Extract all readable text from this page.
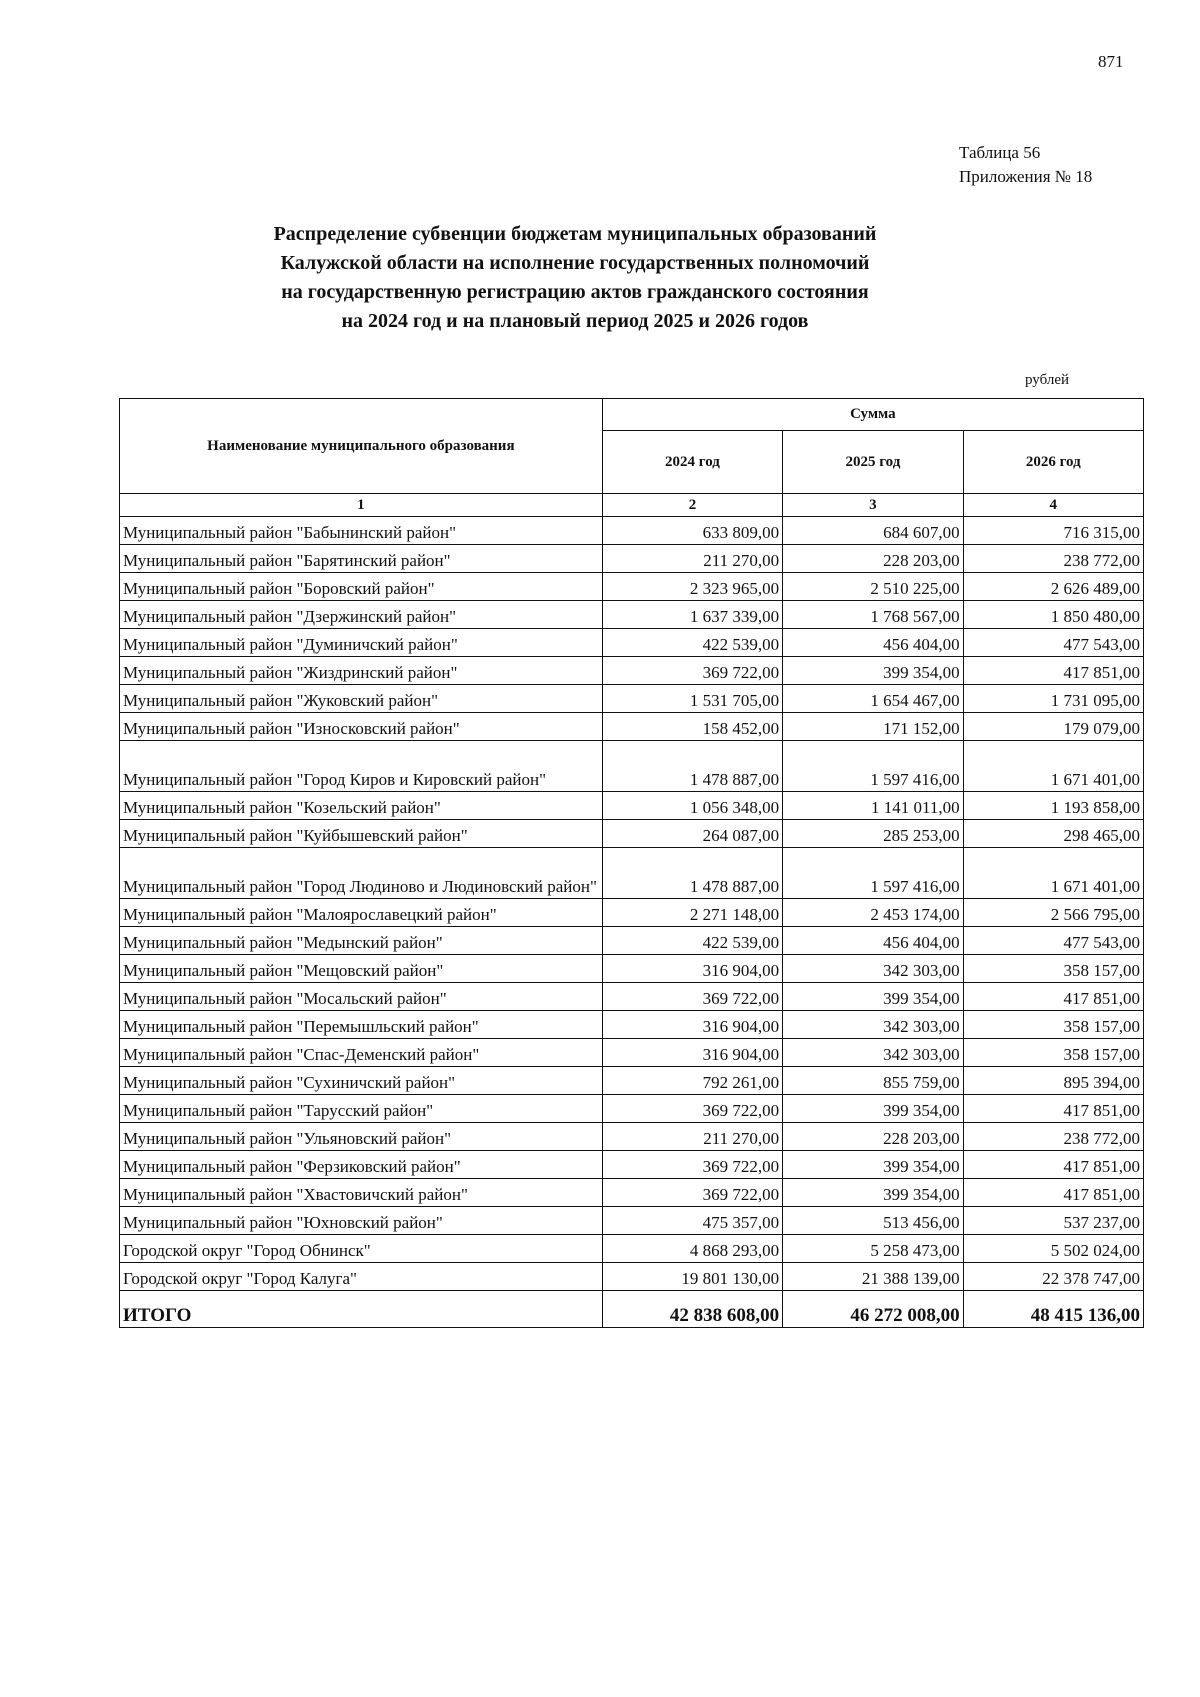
871
Таблица 56
Приложения № 18
Распределение субвенции бюджетам муниципальных образований
Калужской области на исполнение государственных полномочий
на государственную регистрацию актов гражданского состояния
на 2024 год и на плановый период 2025 и 2026 годов
рублей
Наименование муниципального образования	Сумма		
	2024 год	2025 год	2026 год
1	2	3	4
Муниципальный район "Бабынинский район"	633 809,00	684 607,00	716 315,00
Муниципальный район "Барятинский район"	211 270,00	228 203,00	238 772,00
Муниципальный район "Боровский район"	2 323 965,00	2 510 225,00	2 626 489,00
Муниципальный район "Дзержинский район"	1 637 339,00	1 768 567,00	1 850 480,00
Муниципальный район "Думиничский район"	422 539,00	456 404,00	477 543,00
Муниципальный район "Жиздринский район"	369 722,00	399 354,00	417 851,00
Муниципальный район "Жуковский район"	1 531 705,00	1 654 467,00	1 731 095,00
Муниципальный район "Износковский район"	158 452,00	171 152,00	179 079,00
Муниципальный район "Город Киров и Кировский район"	1 478 887,00	1 597 416,00	1 671 401,00
Муниципальный район "Козельский район"	1 056 348,00	1 141 011,00	1 193 858,00
Муниципальный район "Куйбышевский район"	264 087,00	285 253,00	298 465,00
Муниципальный район "Город Людиново и Людиновский район"	1 478 887,00	1 597 416,00	1 671 401,00
Муниципальный район "Малоярославецкий район"	2 271 148,00	2 453 174,00	2 566 795,00
Муниципальный район "Медынский район"	422 539,00	456 404,00	477 543,00
Муниципальный район "Мещовский район"	316 904,00	342 303,00	358 157,00
Муниципальный район "Мосальский район"	369 722,00	399 354,00	417 851,00
Муниципальный район "Перемышльский район"	316 904,00	342 303,00	358 157,00
Муниципальный район "Спас-Деменский район"	316 904,00	342 303,00	358 157,00
Муниципальный район "Сухиничский район"	792 261,00	855 759,00	895 394,00
Муниципальный район "Тарусский район"	369 722,00	399 354,00	417 851,00
Муниципальный район "Ульяновский район"	211 270,00	228 203,00	238 772,00
Муниципальный район "Ферзиковский район"	369 722,00	399 354,00	417 851,00
Муниципальный район "Хвастовичский район"	369 722,00	399 354,00	417 851,00
Муниципальный район "Юхновский район"	475 357,00	513 456,00	537 237,00
Городской округ "Город Обнинск"	4 868 293,00	5 258 473,00	5 502 024,00
Городской округ "Город Калуга"	19 801 130,00	21 388 139,00	22 378 747,00
ИТОГО	42 838 608,00	46 272 008,00	48 415 136,00
